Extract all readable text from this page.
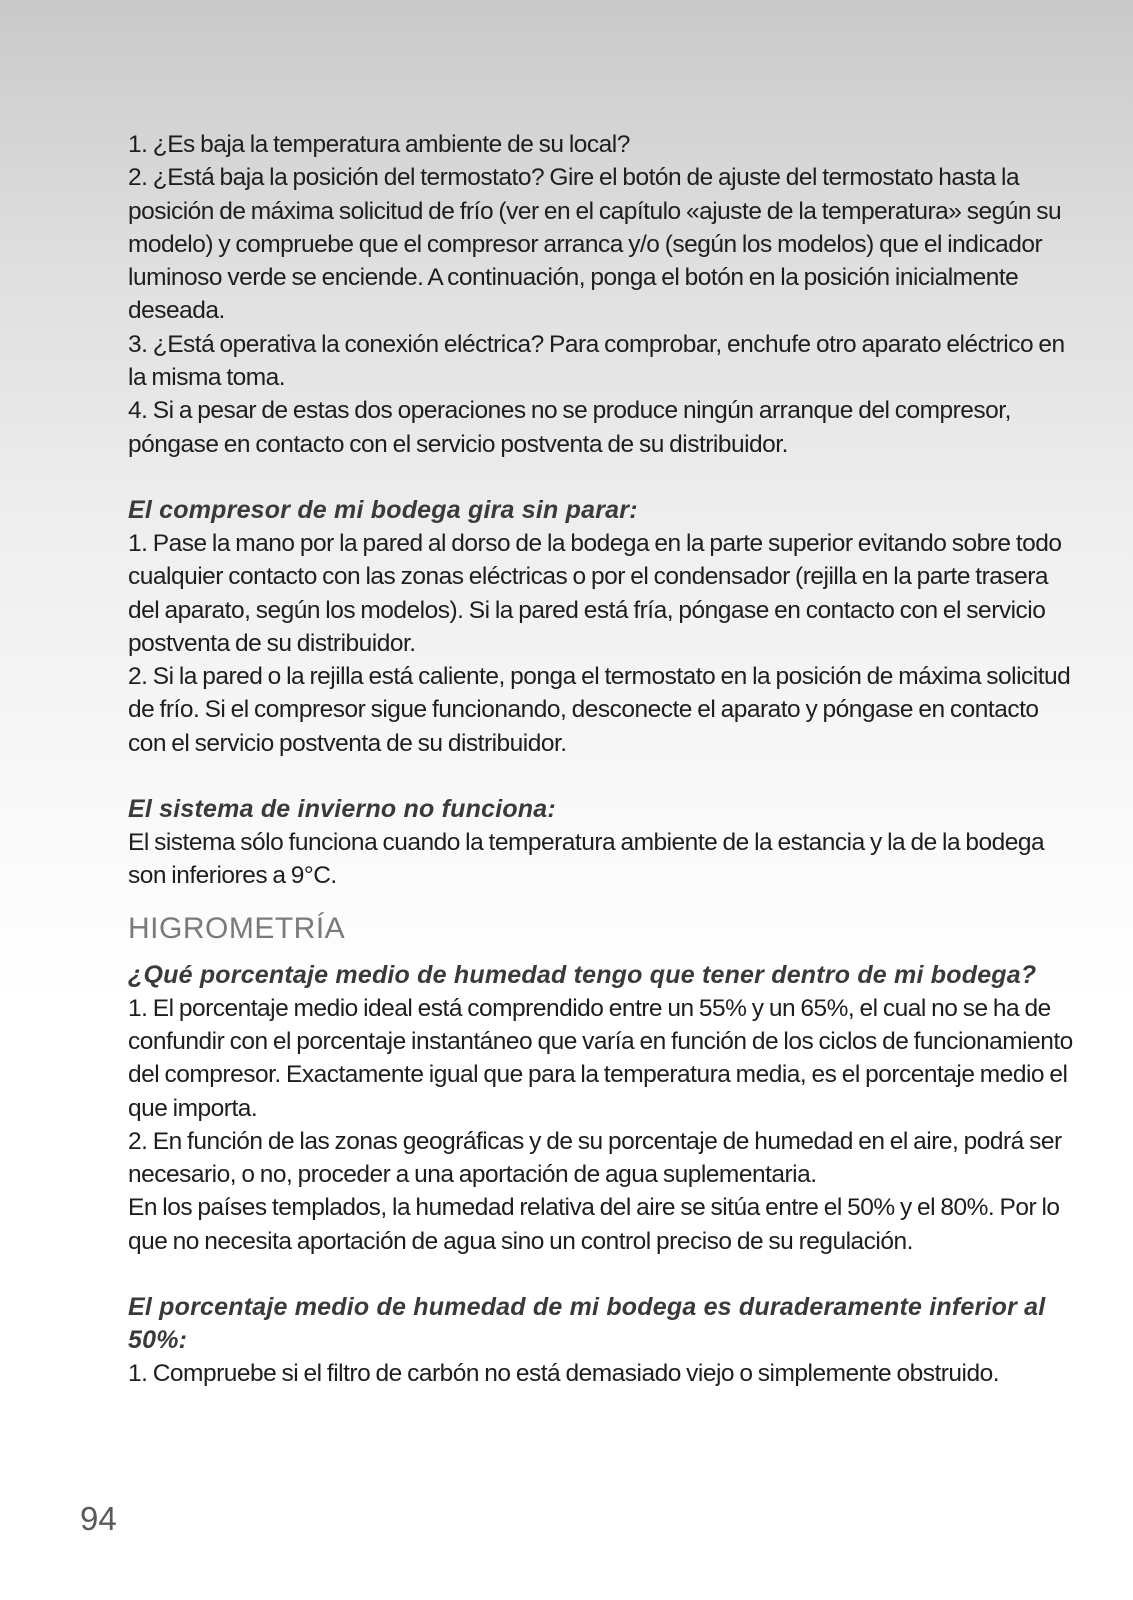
1. ¿Es baja la temperatura ambiente de su local?

2. ¿Está baja la posición del termostato? Gire el botón de ajuste del termostato hasta la posición de máxima solicitud de frío (ver en el capítulo «ajuste de la temperatura» según su modelo) y compruebe que el compresor arranca y/o (según los modelos) que el indicador luminoso verde se enciende. A continuación, ponga el botón en la posición inicialmente deseada.

3. ¿Está operativa la conexión eléctrica? Para comprobar, enchufe otro aparato eléctrico en la misma toma.

4. Si a pesar de estas dos operaciones no se produce ningún arranque del compresor, póngase en contacto con el servicio postventa de su distribuidor.

El compresor de mi bodega gira sin parar:

1. Pase la mano por la pared al dorso de la bodega en la parte superior evitando sobre todo cualquier contacto con las zonas eléctricas o por el condensador (rejilla en la parte trasera del aparato, según los modelos). Si la pared está fría, póngase en contacto con el servicio postventa de su distribuidor.

2. Si la pared o la rejilla está caliente, ponga el termostato en la posición de máxima solicitud de frío. Si el compresor sigue funcionando, desconecte el aparato y póngase en contacto con el servicio postventa de su distribuidor.

El sistema de invierno no funciona:

El sistema sólo funciona cuando la temperatura ambiente de la estancia y la de la bodega son inferiores a 9°C.

HIGROMETRÍA
¿Qué porcentaje medio de humedad tengo que tener dentro de mi bodega?

1. El porcentaje medio ideal está comprendido entre un 55% y un 65%, el cual no se ha de confundir con el porcentaje instantáneo que varía en función de los ciclos de funcionamiento del compresor. Exactamente igual que para la temperatura media, es el porcentaje medio el que importa.

2. En función de las zonas geográficas y de su porcentaje de humedad en el aire, podrá ser necesario, o no, proceder a una aportación de agua suplementaria.

En los países templados, la humedad relativa del aire se sitúa entre el 50% y el 80%. Por lo que no necesita aportación de agua sino un control preciso de su regulación.

El porcentaje medio de humedad de mi bodega es duraderamente inferior al 50%:

1. Compruebe si el filtro de carbón no está demasiado viejo o simplemente obstruido.

94
